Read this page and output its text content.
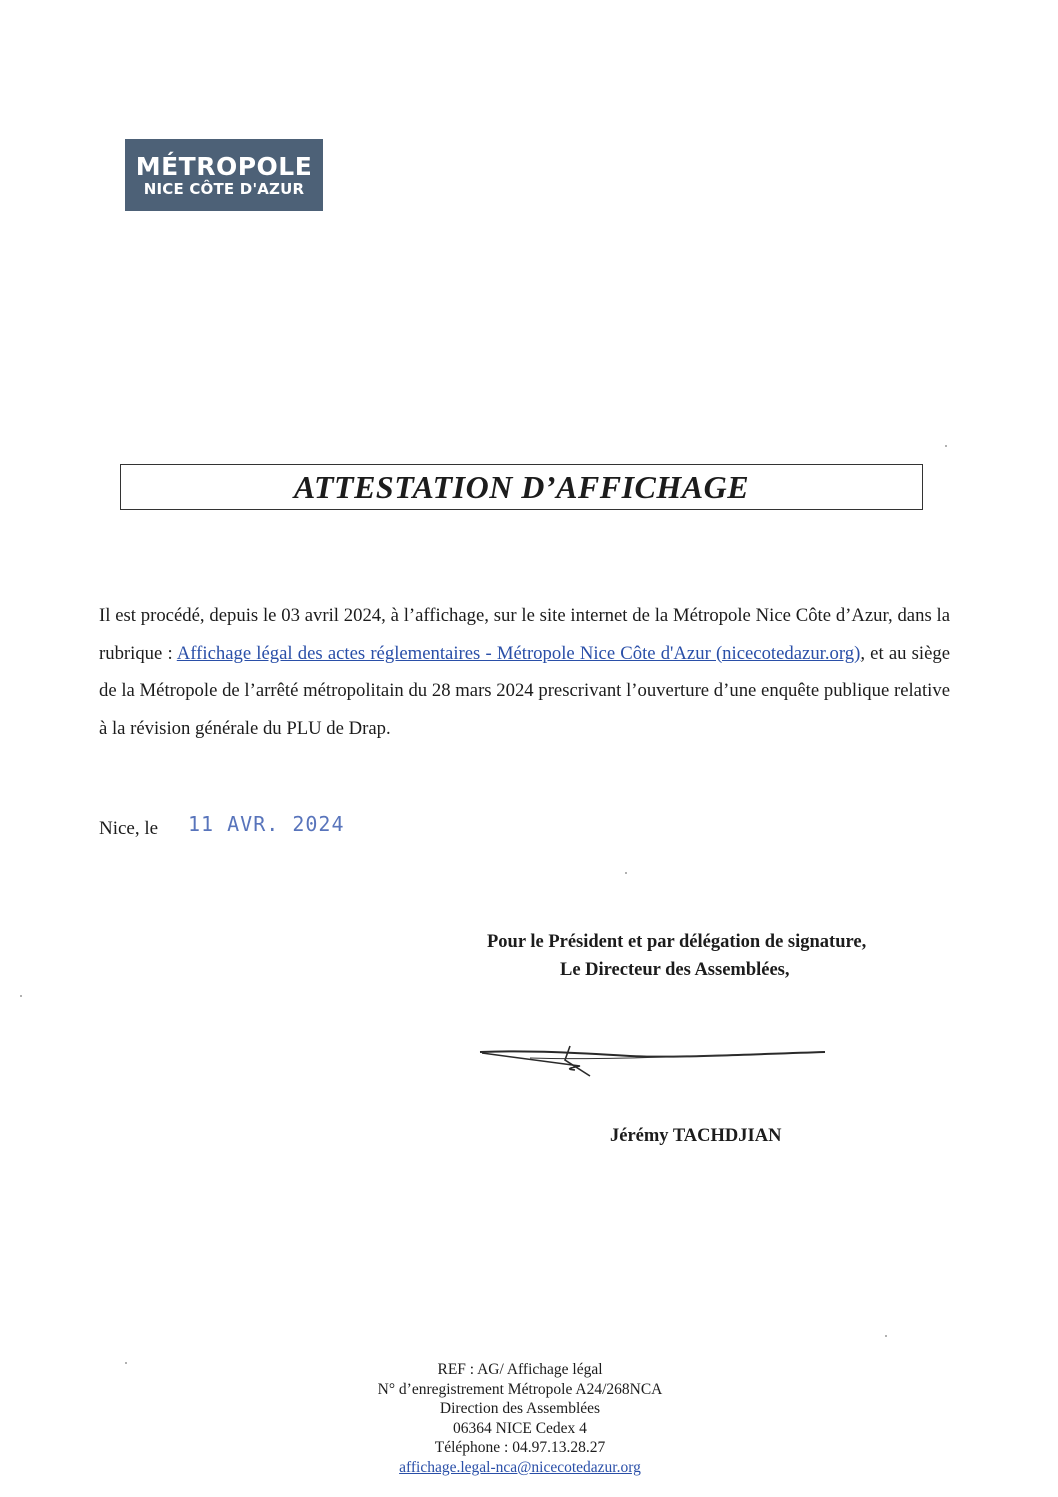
MÉTROPOLE
NICE CÔTE D'AZUR
ATTESTATION D’AFFICHAGE

Il est procédé, depuis le 03 avril 2024, à l’affichage, sur le site internet de la Métropole Nice Côte d’Azur, dans la rubrique : Affichage légal des actes réglementaires - Métropole Nice Côte d'Azur (nicecotedazur.org), et au siège de la Métropole de l’arrêté métropolitain du 28 mars 2024 prescrivant l’ouverture d’une enquête publique relative à la révision générale du PLU de Drap.

Nice, le 11 AVR. 2024
Pour le Président et par délégation de signature,
Le Directeur des Assemblées,
Jérémy TACHDJIAN
REF : AG/ Affichage légal
N° d’enregistrement Métropole A24/268NCA
Direction des Assemblées
06364 NICE Cedex 4
Téléphone : 04.97.13.28.27
affichage.legal-nca@nicecotedazur.org
